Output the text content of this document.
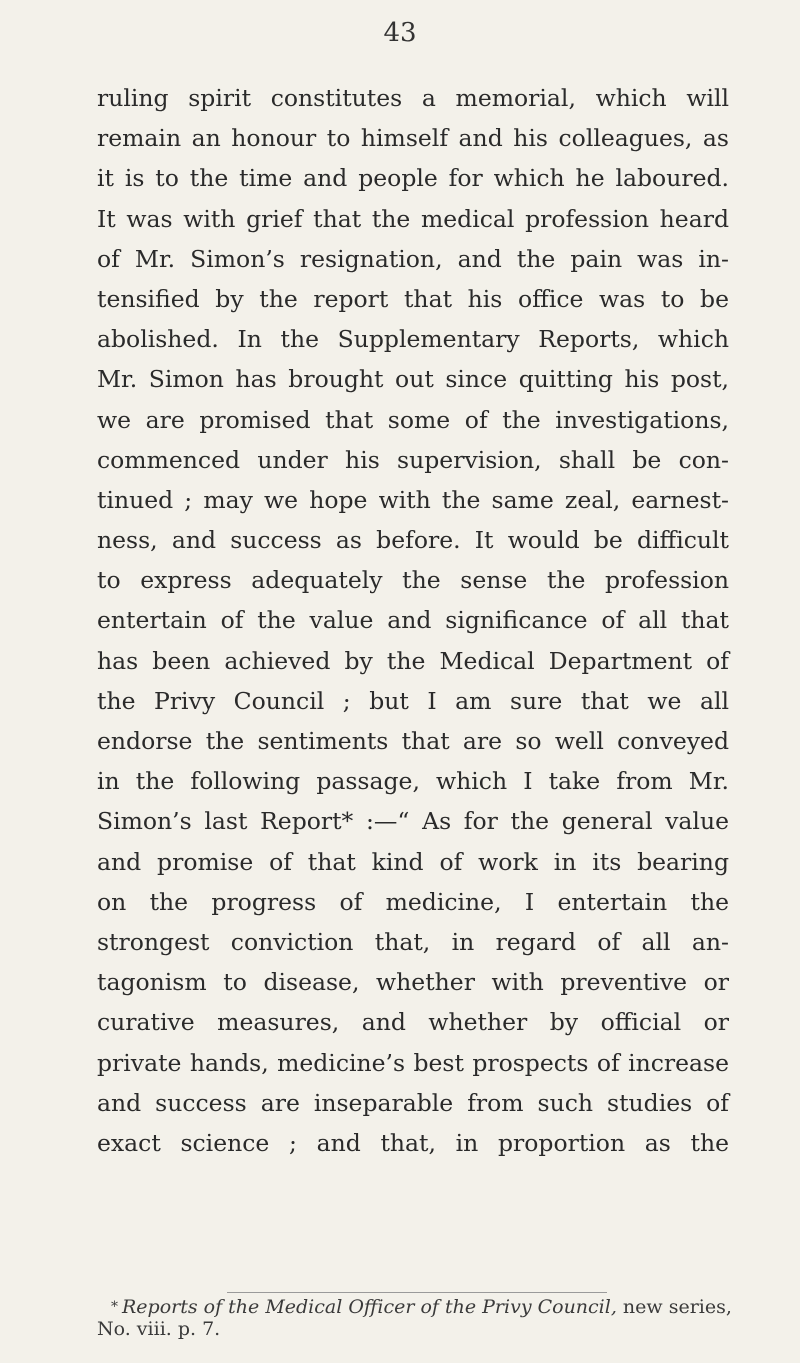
43
ruling spirit constitutes a memorial, which will
remain an honour to himself and his colleagues, as
it is to the time and people for which he laboured.
It was with grief that the medical profession heard
of Mr. Simon’s resignation, and the pain was in-
tensified by the report that his office was to be
abolished. In the Supplementary Reports, which
Mr. Simon has brought out since quitting his post,
we are promised that some of the investigations,
commenced under his supervision, shall be con-
tinued ; may we hope with the same zeal, earnest-
ness, and success as before. It would be difficult
to express adequately the sense the profession
entertain of the value and significance of all that
has been achieved by the Medical Department of
the Privy Council ; but I am sure that we all
endorse the sentiments that are so well conveyed
in the following passage, which I take from Mr.
Simon’s last Report* :—“ As for the general value
and promise of that kind of work in its bearing
on the progress of medicine, I entertain the
strongest conviction that, in regard of all an-
tagonism to disease, whether with preventive or
curative measures, and whether by official or
private hands, medicine’s best prospects of increase
and success are inseparable from such studies of
exact science ; and that, in proportion as the
* Reports of the Medical Officer of the Privy Council, new series,
No. viii. p. 7.
